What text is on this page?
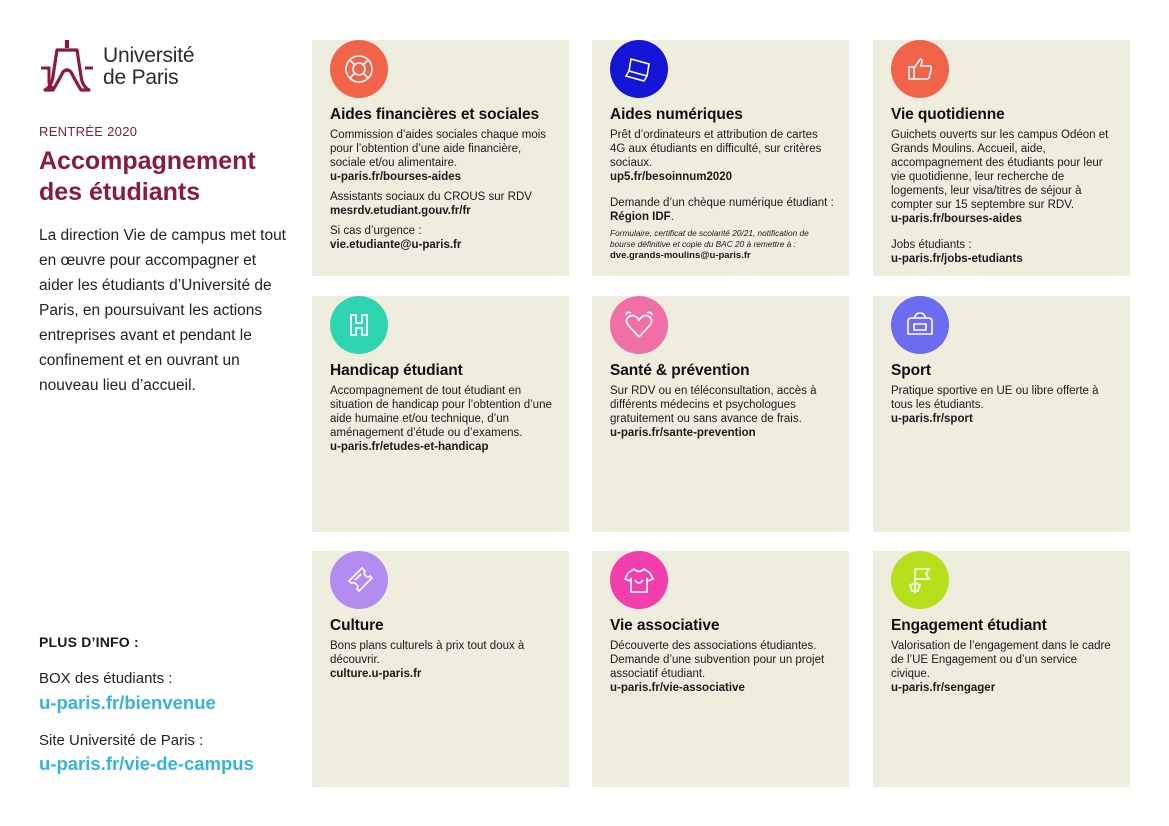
Université
de Paris
RENTRÉE 2020
Accompagnement
des étudiants

La direction Vie de campus met tout en œuvre pour accompagner et aider les étudiants d’Université de Paris, en poursuivant les actions entreprises avant et pendant le confinement et en ouvrant un nouveau lieu d’accueil.

PLUS D’INFO :
BOX des étudiants :
u-paris.fr/bienvenue
Site Université de Paris :
u-paris.fr/vie-de-campus
Aides financières et sociales

Commission d’aides sociales chaque mois pour l’obtention d’une aide financière, sociale et/ou alimentaire.

u-paris.fr/bourses-aides

Assistants sociaux du CROUS sur RDV

mesrdv.etudiant.gouv.fr/fr

Si cas d’urgence :

vie.etudiante@u-paris.fr

Aides numériques

Prêt d’ordinateurs et attribution de cartes 4G aux étudiants en difficulté, sur critères sociaux.

up5.fr/besoinnum2020

Demande d’un chèque numérique étudiant : Région IDF.

Formulaire, certificat de scolarité 20/21, notification de bourse définitive et copie du BAC 20 à remettre à : dve.grands-moulins@u-paris.fr

Vie quotidienne

Guichets ouverts sur les campus Odéon et Grands Moulins. Accueil, aide, accompagnement des étudiants pour leur vie quotidienne, leur recherche de logements, leur visa/titres de séjour à compter sur 15 septembre sur RDV.

u-paris.fr/bourses-aides

Jobs étudiants :

u-paris.fr/jobs-etudiants

Handicap étudiant

Accompagnement de tout étudiant en situation de handicap pour l’obtention d’une aide humaine et/ou technique, d’un aménagement d’étude ou d’examens.

u-paris.fr/etudes-et-handicap

Santé & prévention

Sur RDV ou en téléconsultation, accès à différents médecins et psychologues gratuitement ou sans avance de frais.

u-paris.fr/sante-prevention

Sport

Pratique sportive en UE ou libre offerte à tous les étudiants.

u-paris.fr/sport

Culture

Bons plans culturels à prix tout doux à découvrir.

culture.u-paris.fr

Vie associative

Découverte des associations étudiantes. Demande d’une subvention pour un projet associatif étudiant.

u-paris.fr/vie-associative

Engagement étudiant

Valorisation de l’engagement dans le cadre de l’UE Engagement ou d’un service civique.

u-paris.fr/sengager
